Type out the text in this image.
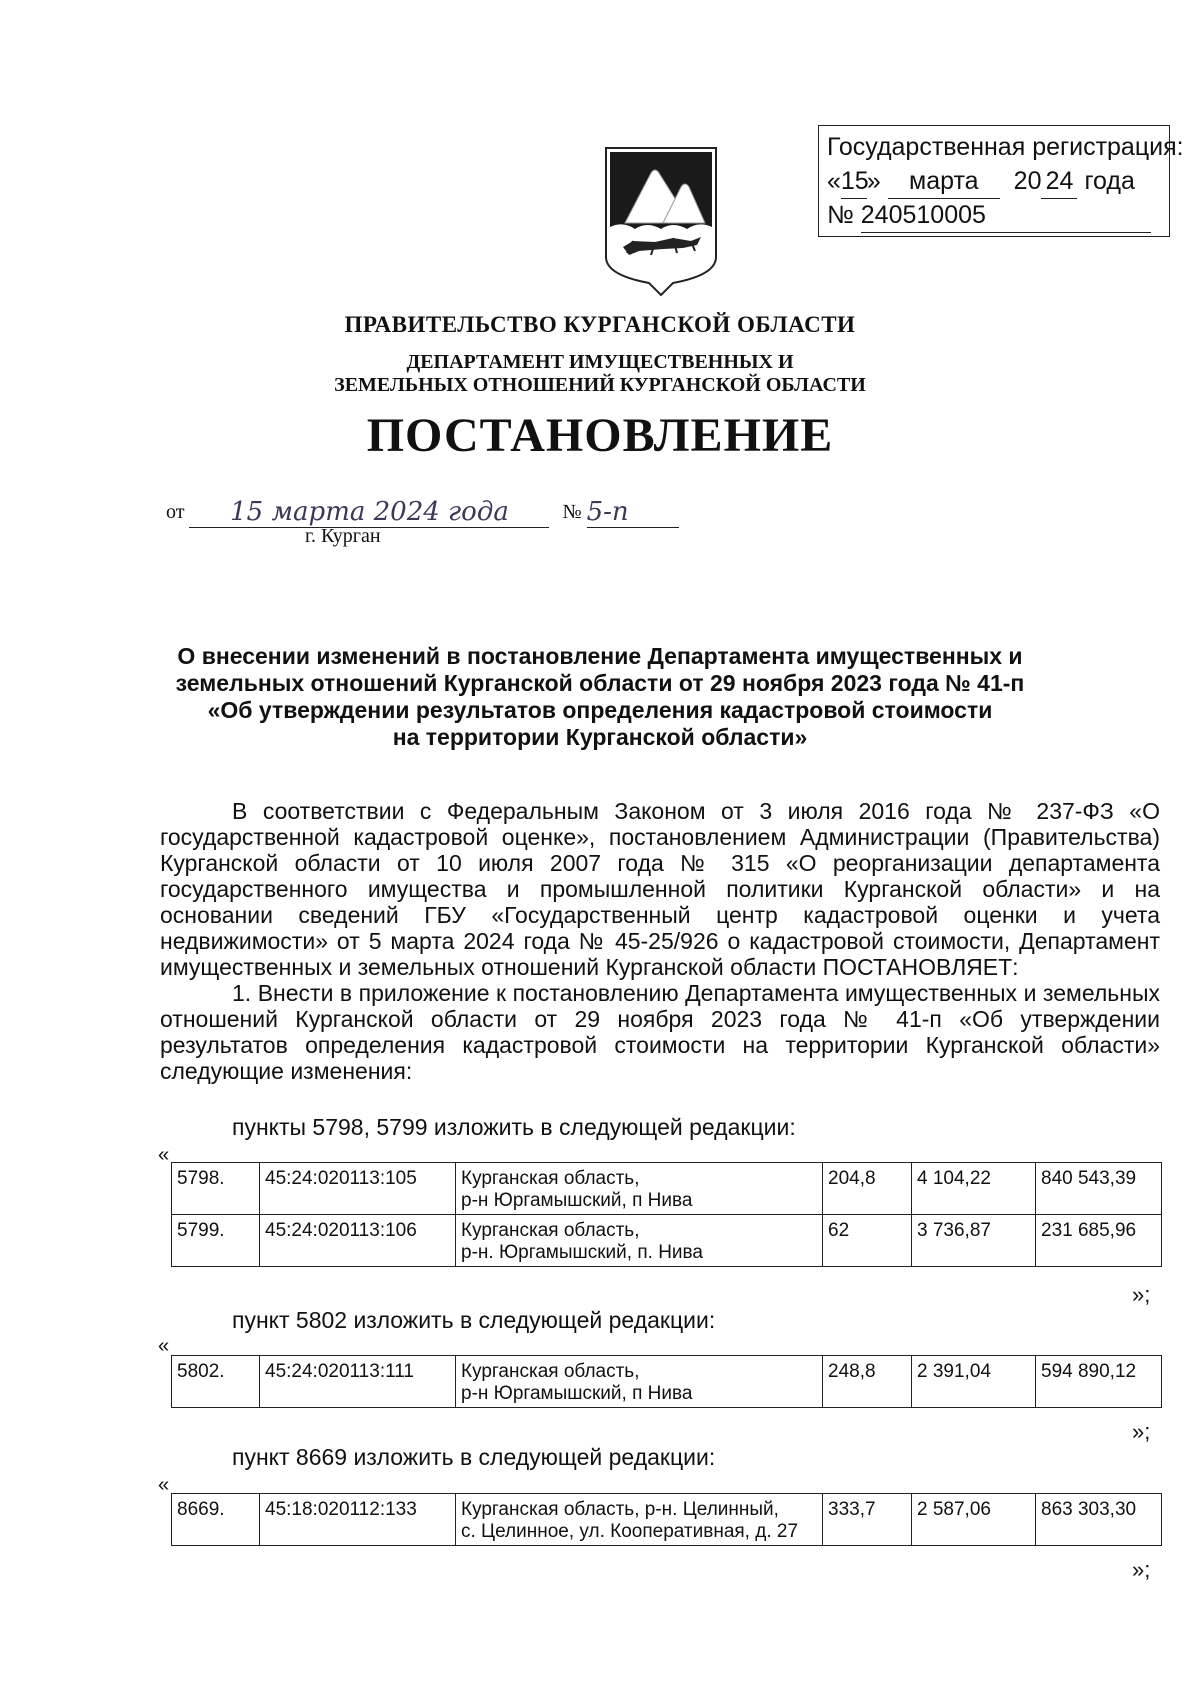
Государственная регистрация:
«15» марта 20 24 года
№ 240510005
ПРАВИТЕЛЬСТВО КУРГАНСКОЙ ОБЛАСТИ
ДЕПАРТАМЕНТ ИМУЩЕСТВЕННЫХ И
ЗЕМЕЛЬНЫХ ОТНОШЕНИЙ КУРГАНСКОЙ ОБЛАСТИ
ПОСТАНОВЛЕНИЕ
от 15 марта 2024 года	№ 5-п
г. Курган
О внесении изменений в постановление Департамента имущественных и
земельных отношений Курганской области от 29 ноября 2023 года № 41-п
«Об утверждении результатов определения кадастровой стоимости
на территории Курганской области»

В соответствии с Федеральным Законом от 3 июля 2016 года № 237-ФЗ «О государственной кадастровой оценке», постановлением Администрации (Правительства) Курганской области от 10 июля 2007 года № 315 «О реорганизации департамента государственного имущества и промышленной политики Курганской области» и на основании сведений ГБУ «Государственный центр кадастровой оценки и учета недвижимости» от 5 марта 2024 года № 45-25/926 о кадастровой стоимости, Департамент имущественных и земельных отношений Курганской области ПОСТАНОВЛЯЕТ:

1. Внести в приложение к постановлению Департамента имущественных и земельных отношений Курганской области от 29 ноября 2023 года № 41-п «Об утверждении результатов определения кадастровой стоимости на территории Курганской области» следующие изменения:

пункты 5798, 5799 изложить в следующей редакции:
«
5798.	45:24:020113:105	Курганская область,
р-н Юргамышский, п Нива	204,8	4 104,22	840 543,39
5799.	45:24:020113:106	Курганская область,
р-н. Юргамышский, п. Нива	62	3 736,87	231 685,96
»;
пункт 5802 изложить в следующей редакции:
«
5802.	45:24:020113:111	Курганская область,
р-н Юргамышский, п Нива
	248,8	2 391,04	594 890,12
»;
пункт 8669 изложить в следующей редакции:
«
8669.	45:18:020112:133	Курганская область, р-н. Целинный,
с. Целинное, ул. Кооперативная, д. 27
	333,7	2 587,06	863 303,30
»;
